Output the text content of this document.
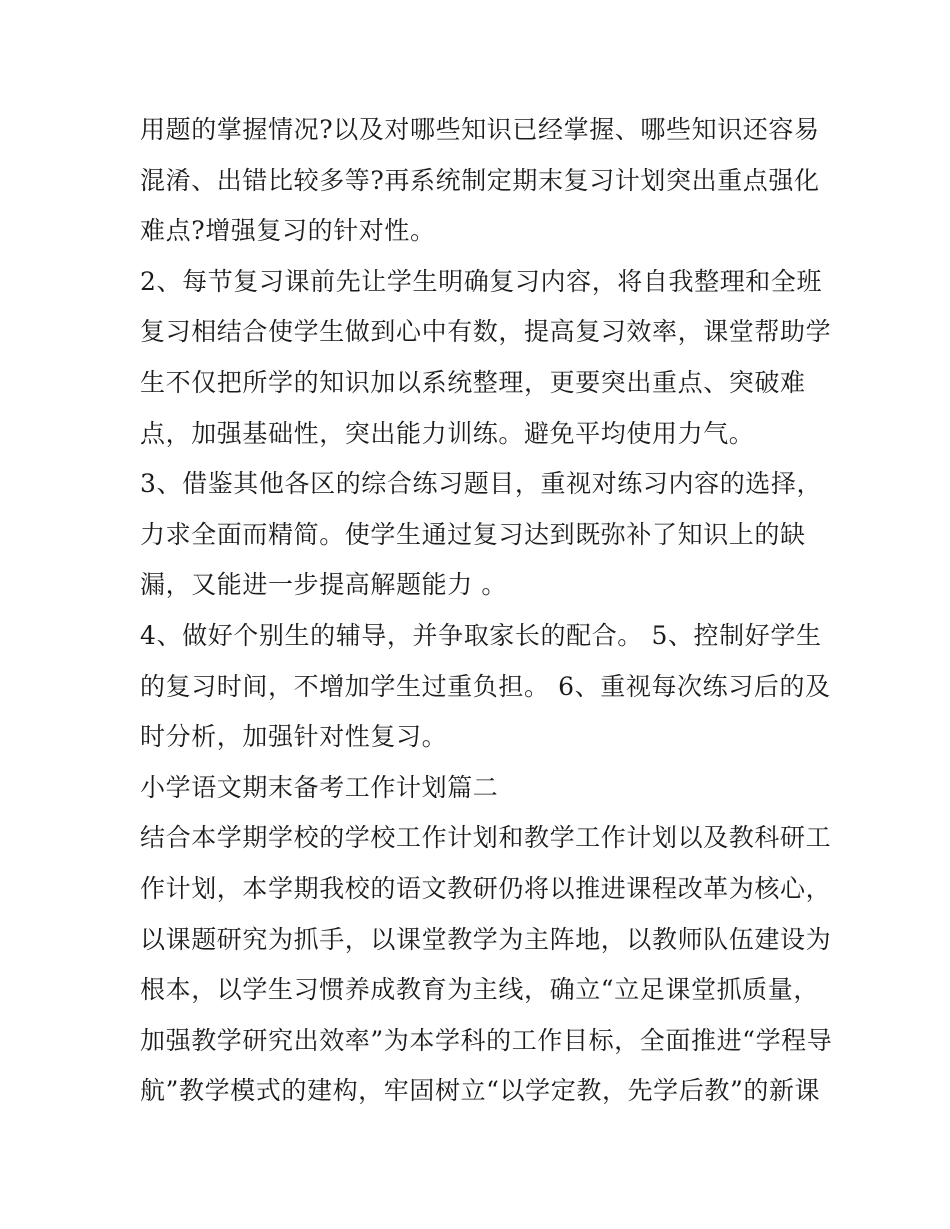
用题的掌握情况?以及对哪些知识已经掌握、哪些知识还容易
混淆、出错比较多等?再系统制定期末复习计划突出重点强化
难点?增强复习的针对性。
2、每节复习课前先让学生明确复习内容，将自我整理和全班
复习相结合使学生做到心中有数，提高复习效率，课堂帮助学
生不仅把所学的知识加以系统整理，更要突出重点、突破难
点，加强基础性，突出能力训练。避免平均使用力气。
3、借鉴其他各区的综合练习题目，重视对练习内容的选择，
力求全面而精简。使学生通过复习达到既弥补了知识上的缺
漏，又能进一步提高解题能力 。
4、做好个别生的辅导，并争取家长的配合。 5、控制好学生
的复习时间，不增加学生过重负担。 6、重视每次练习后的及
时分析，加强针对性复习。
小学语文期末备考工作计划篇二
结合本学期学校的学校工作计划和教学工作计划以及教科研工
作计划，本学期我校的语文教研仍将以推进课程改革为核心，
以课题研究为抓手，以课堂教学为主阵地，以教师队伍建设为
根本，以学生习惯养成教育为主线，确立“立足课堂抓质量，
加强教学研究出效率”为本学科的工作目标，全面推进“学程导
航”教学模式的建构，牢固树立“以学定教，先学后教”的新课
